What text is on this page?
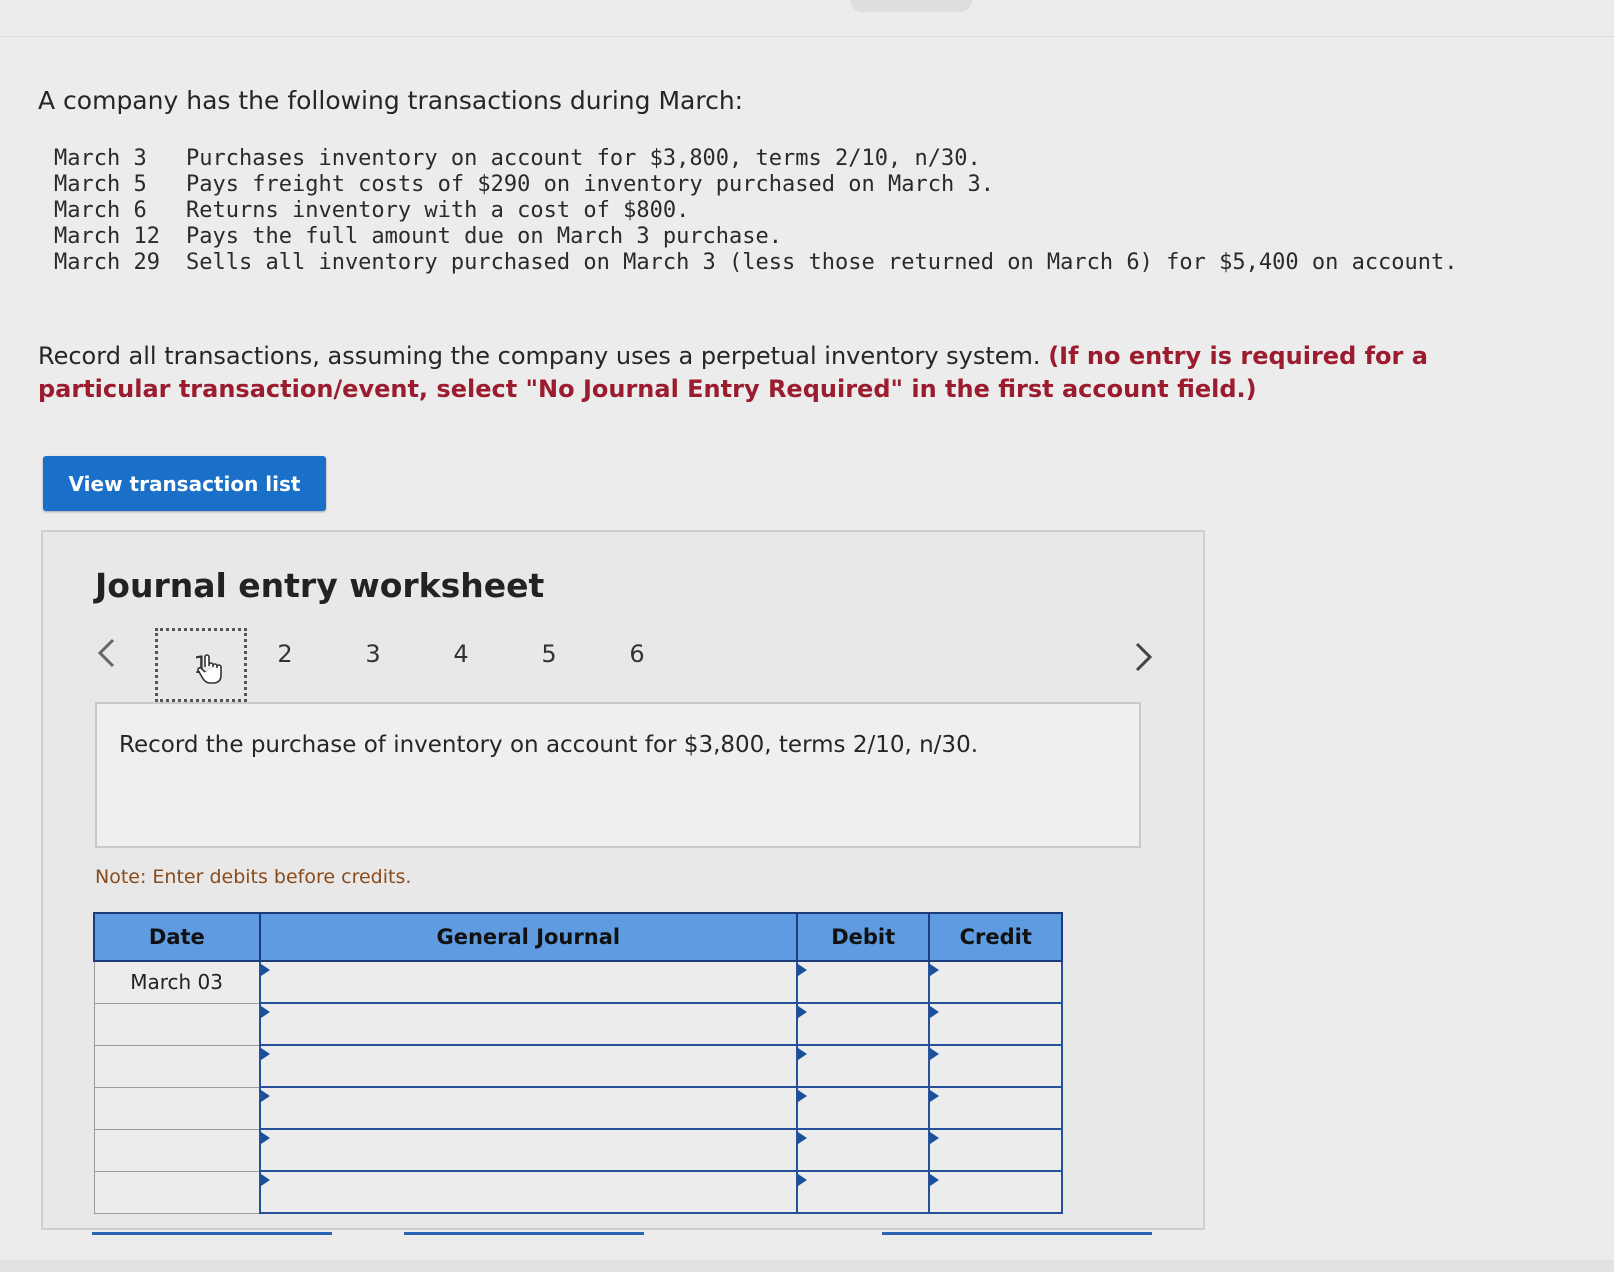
A company has the following transactions during March:
March 3	Purchases inventory on account for $3,800, terms 2/10, n/30.
March 5	Pays freight costs of $290 on inventory purchased on March 3.
March 6	Returns inventory with a cost of $800.
March 12	Pays the full amount due on March 3 purchase.
March 29	Sells all inventory purchased on March 3 (less those returned on March 6) for $5,400 on account.
Record all transactions, assuming the company uses a perpetual inventory system. (If no entry is required for a particular transaction/event, select "No Journal Entry Required" in the first account field.)
View transaction list
Journal entry worksheet
1	2	3	4	5	6
Record the purchase of inventory on account for $3,800, terms 2/10, n/30.
Note: Enter debits before credits.
Date	General Journal	Debit	Credit
March 03			
